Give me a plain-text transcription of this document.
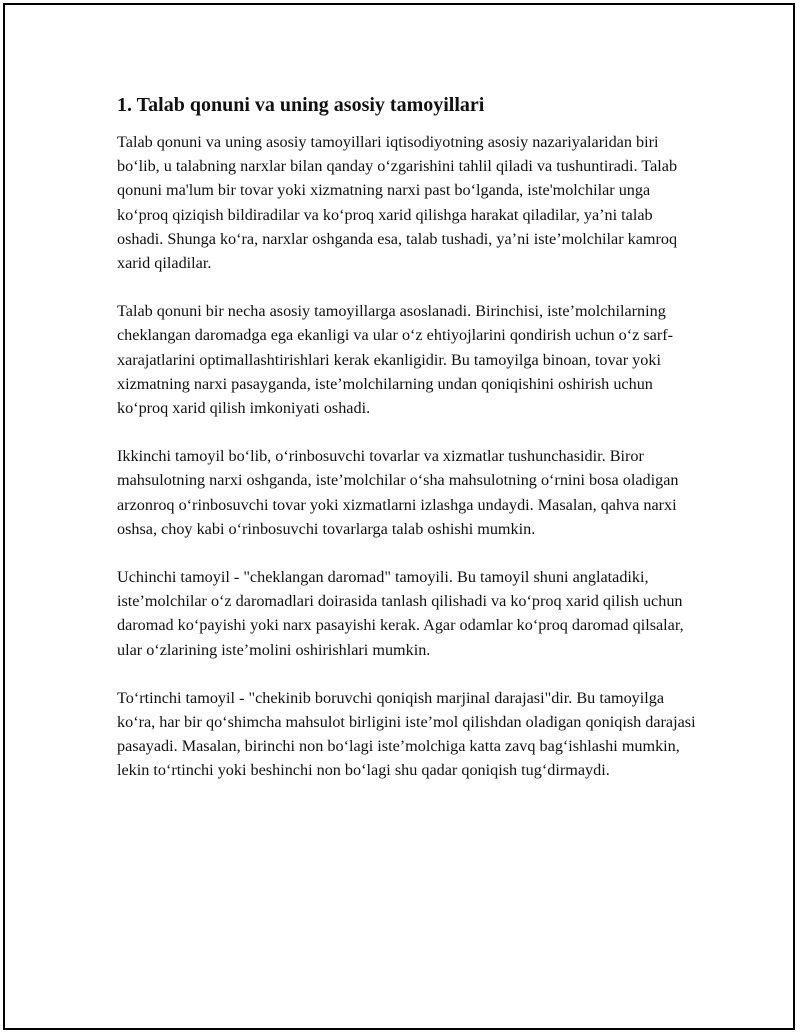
1. Talab qonuni va uning asosiy tamoyillari

Talab qonuni va uning asosiy tamoyillari iqtisodiyotning asosiy nazariyalaridan biri bo‘lib, u talabning narxlar bilan qanday o‘zgarishini tahlil qiladi va tushuntiradi. Talab qonuni ma'lum bir tovar yoki xizmatning narxi past bo‘lganda, iste'molchilar unga ko‘proq qiziqish bildiradilar va ko‘proq xarid qilishga harakat qiladilar, ya’ni talab oshadi. Shunga ko‘ra, narxlar oshganda esa, talab tushadi, ya’ni iste’molchilar kamroq xarid qiladilar.

Talab qonuni bir necha asosiy tamoyillarga asoslanadi. Birinchisi, iste’molchilarning cheklangan daromadga ega ekanligi va ular o‘z ehtiyojlarini qondirish uchun o‘z sarf-xarajatlarini optimallashtirishlari kerak ekanligidir. Bu tamoyilga binoan, tovar yoki xizmatning narxi pasayganda, iste’molchilarning undan qoniqishini oshirish uchun ko‘proq xarid qilish imkoniyati oshadi.

Ikkinchi tamoyil bo‘lib, o‘rinbosuvchi tovarlar va xizmatlar tushunchasidir. Biror mahsulotning narxi oshganda, iste’molchilar o‘sha mahsulotning o‘rnini bosa oladigan arzonroq o‘rinbosuvchi tovar yoki xizmatlarni izlashga undaydi. Masalan, qahva narxi oshsa, choy kabi o‘rinbosuvchi tovarlarga talab oshishi mumkin.

Uchinchi tamoyil - "cheklangan daromad" tamoyili. Bu tamoyil shuni anglatadiki, iste’molchilar o‘z daromadlari doirasida tanlash qilishadi va ko‘proq xarid qilish uchun daromad ko‘payishi yoki narx pasayishi kerak. Agar odamlar ko‘proq daromad qilsalar, ular o‘zlarining iste’molini oshirishlari mumkin.

To‘rtinchi tamoyil - "chekinib boruvchi qoniqish marjinal darajasi"dir. Bu tamoyilga ko‘ra, har bir qo‘shimcha mahsulot birligini iste’mol qilishdan oladigan qoniqish darajasi pasayadi. Masalan, birinchi non bo‘lagi iste’molchiga katta zavq bag‘ishlashi mumkin, lekin to‘rtinchi yoki beshinchi non bo‘lagi shu qadar qoniqish tug‘dirmaydi.
